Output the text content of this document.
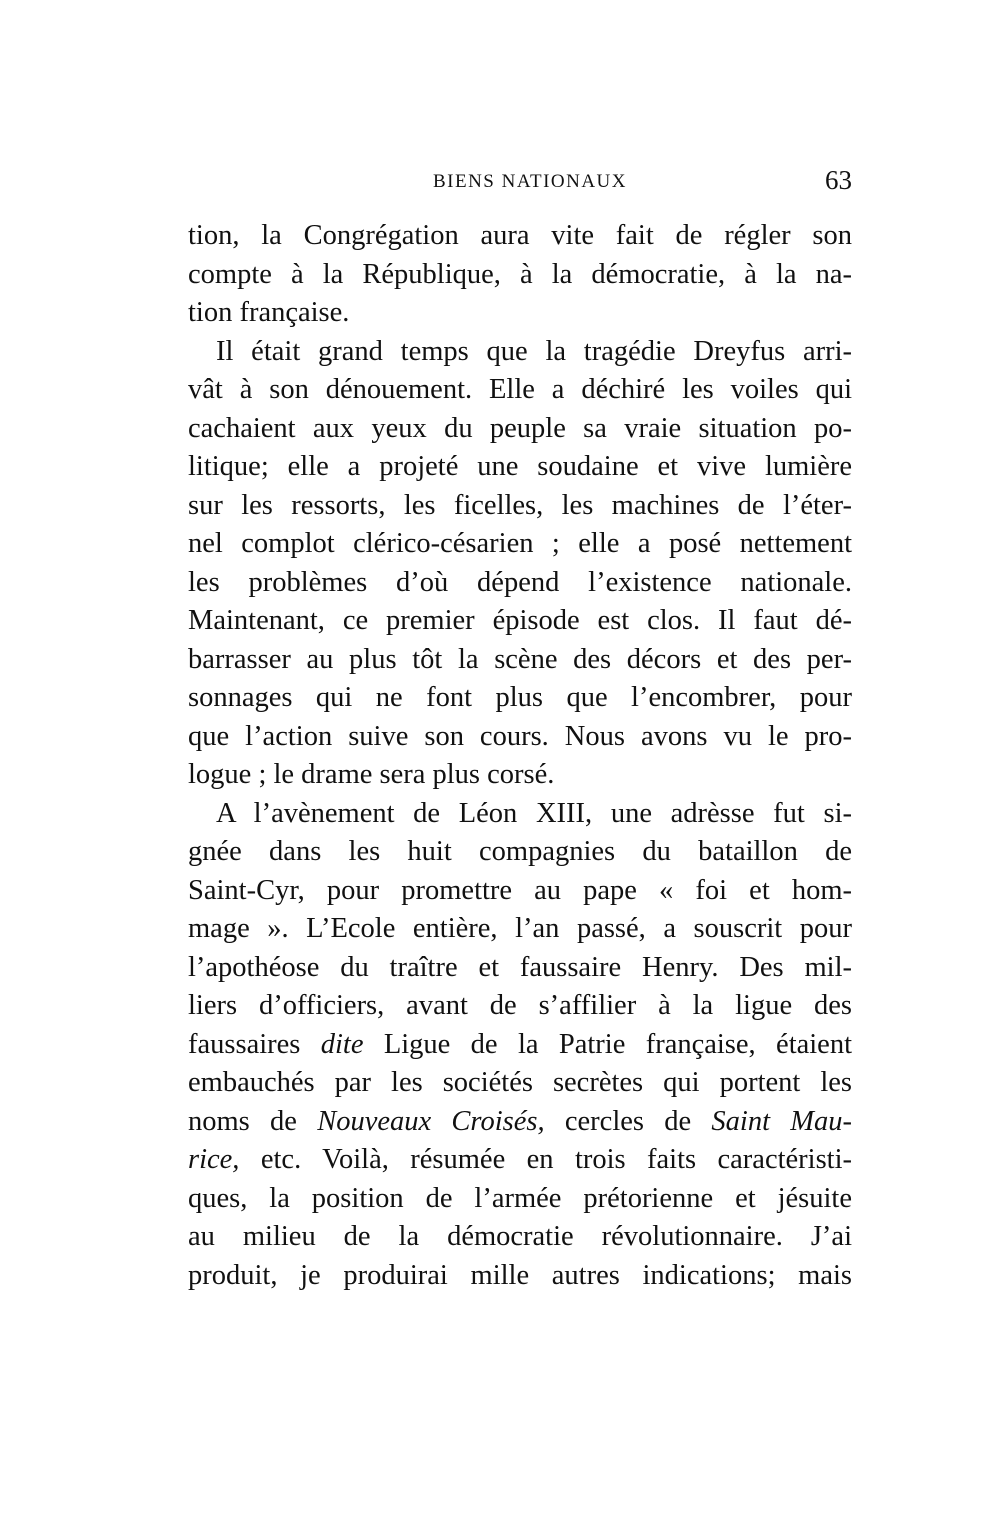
BIENS NATIONAUX	63
tion, la Congrégation aura vite fait de régler son
compte à la République, à la démocratie, à la na-
tion française.
Il était grand temps que la tragédie Dreyfus arri-
vât à son dénouement. Elle a déchiré les voiles qui
cachaient aux yeux du peuple sa vraie situation po-
litique; elle a projeté une soudaine et vive lumière
sur les ressorts, les ficelles, les machines de l’éter-
nel complot clérico-césarien ; elle a posé nettement
les problèmes d’où dépend l’existence nationale.
Maintenant, ce premier épisode est clos. Il faut dé-
barrasser au plus tôt la scène des décors et des per-
sonnages qui ne font plus que l’encombrer, pour
que l’action suive son cours. Nous avons vu le pro-
logue ; le drame sera plus corsé.
A l’avènement de Léon XIII, une adrèsse fut si-
gnée dans les huit compagnies du bataillon de
Saint-Cyr, pour promettre au pape « foi et hom-
mage ». L’Ecole entière, l’an passé, a souscrit pour
l’apothéose du traître et faussaire Henry. Des mil-
liers d’officiers, avant de s’affilier à la ligue des
faussaires dite Ligue de la Patrie française, étaient
embauchés par les sociétés secrètes qui portent les
noms de Nouveaux Croisés, cercles de Saint Mau-
rice, etc. Voilà, résumée en trois faits caractéristi-
ques, la position de l’armée prétorienne et jésuite
au milieu de la démocratie révolutionnaire. J’ai
produit, je produirai mille autres indications; mais
